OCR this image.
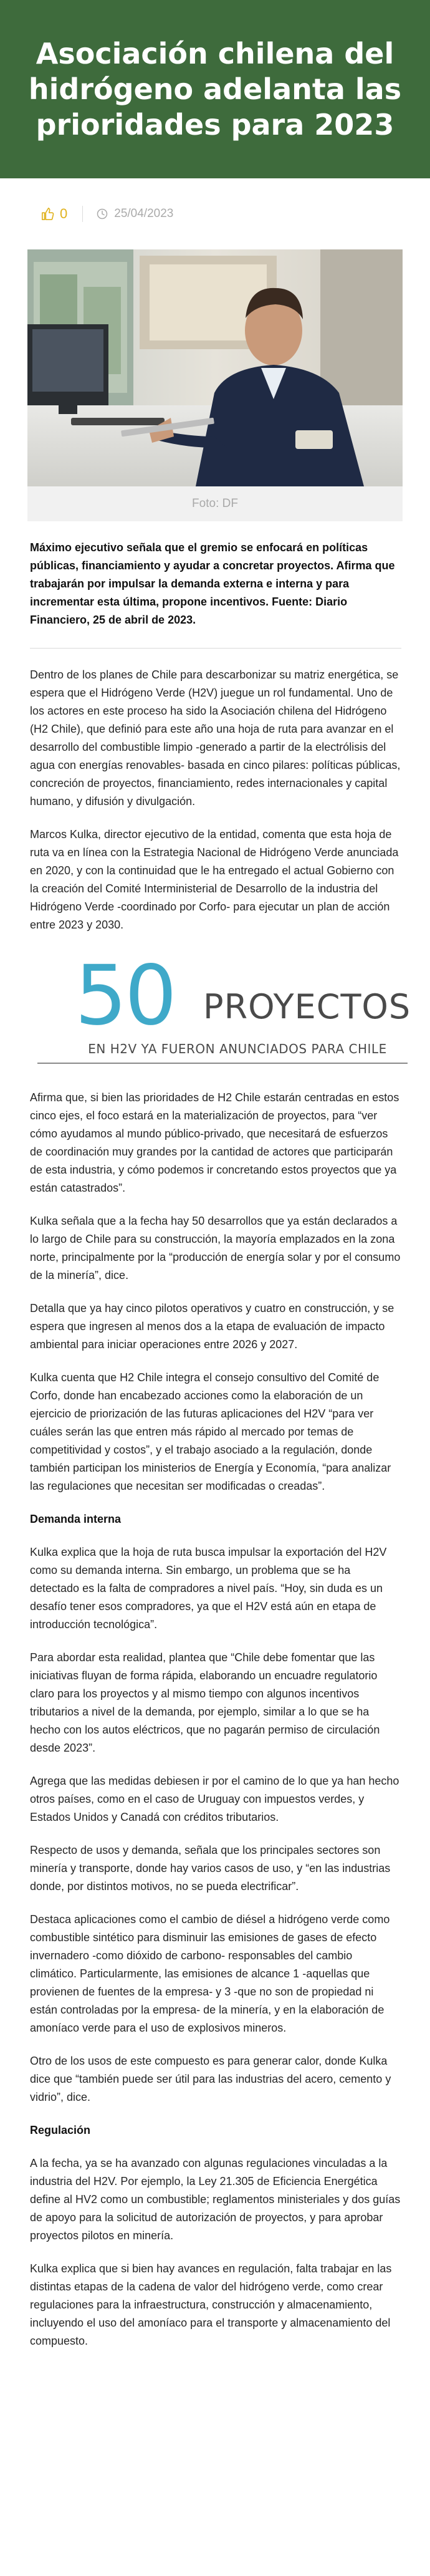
Asociación chilena del hidrógeno adelanta las prioridades para 2023
0	25/04/2023
Foto: DF

Máximo ejecutivo señala que el gremio se enfocará en políticas públicas, financiamiento y ayudar a concretar proyectos. Afirma que trabajarán por impulsar la demanda externa e interna y para incrementar esta última, propone incentivos. Fuente: Diario Financiero, 25 de abril de 2023.

Dentro de los planes de Chile para descarbonizar su matriz energética, se espera que el Hidrógeno Verde (H2V) juegue un rol fundamental. Uno de los actores en este proceso ha sido la Asociación chilena del Hidrógeno (H2 Chile), que definió para este año una hoja de ruta para avanzar en el desarrollo del combustible limpio -generado a partir de la electrólisis del agua con energías renovables- basada en cinco pilares: políticas públicas, concreción de proyectos, financiamiento, redes internacionales y capital humano, y difusión y divulgación.

Marcos Kulka, director ejecutivo de la entidad, comenta que esta hoja de ruta va en línea con la Estrategia Nacional de Hidrógeno Verde anunciada en 2020, y con la continuidad que le ha entregado el actual Gobierno con la creación del Comité Interministerial de Desarrollo de la industria del Hidrógeno Verde -coordinado por Corfo- para ejecutar un plan de acción entre 2023 y 2030.

50 PROYECTOS
EN H2V YA FUERON ANUNCIADOS PARA CHILE

Afirma que, si bien las prioridades de H2 Chile estarán centradas en estos cinco ejes, el foco estará en la materialización de proyectos, para “ver cómo ayudamos al mundo público-privado, que necesitará de esfuerzos de coordinación muy grandes por la cantidad de actores que participarán de esta industria, y cómo podemos ir concretando estos proyectos que ya están catastrados”.

Kulka señala que a la fecha hay 50 desarrollos que ya están declarados a lo largo de Chile para su construcción, la mayoría emplazados en la zona norte, principalmente por la “producción de energía solar y por el consumo de la minería”, dice.

Detalla que ya hay cinco pilotos operativos y cuatro en construcción, y se espera que ingresen al menos dos a la etapa de evaluación de impacto ambiental para iniciar operaciones entre 2026 y 2027.

Kulka cuenta que H2 Chile integra el consejo consultivo del Comité de Corfo, donde han encabezado acciones como la elaboración de un ejercicio de priorización de las futuras aplicaciones del H2V “para ver cuáles serán las que entren más rápido al mercado por temas de competitividad y costos”, y el trabajo asociado a la regulación, donde también participan los ministerios de Energía y Economía, “para analizar las regulaciones que necesitan ser modificadas o creadas”.

Demanda interna

Kulka explica que la hoja de ruta busca impulsar la exportación del H2V como su demanda interna. Sin embargo, un problema que se ha detectado es la falta de compradores a nivel país. “Hoy, sin duda es un desafío tener esos compradores, ya que el H2V está aún en etapa de introducción tecnológica”.

Para abordar esta realidad, plantea que “Chile debe fomentar que las iniciativas fluyan de forma rápida, elaborando un encuadre regulatorio claro para los proyectos y al mismo tiempo con algunos incentivos tributarios a nivel de la demanda, por ejemplo, similar a lo que se ha hecho con los autos eléctricos, que no pagarán permiso de circulación desde 2023”.

Agrega que las medidas debiesen ir por el camino de lo que ya han hecho otros países, como en el caso de Uruguay con impuestos verdes, y Estados Unidos y Canadá con créditos tributarios.

Respecto de usos y demanda, señala que los principales sectores son minería y transporte, donde hay varios casos de uso, y “en las industrias donde, por distintos motivos, no se pueda electrificar”.

Destaca aplicaciones como el cambio de diésel a hidrógeno verde como combustible sintético para disminuir las emisiones de gases de efecto invernadero -como dióxido de carbono- responsables del cambio climático. Particularmente, las emisiones de alcance 1 -aquellas que provienen de fuentes de la empresa- y 3 -que no son de propiedad ni están controladas por la empresa- de la minería, y en la elaboración de amoníaco verde para el uso de explosivos mineros.

Otro de los usos de este compuesto es para generar calor, donde Kulka dice que “también puede ser útil para las industrias del acero, cemento y vidrio”, dice.

Regulación

A la fecha, ya se ha avanzado con algunas regulaciones vinculadas a la industria del H2V. Por ejemplo, la Ley 21.305 de Eficiencia Energética define al HV2 como un combustible; reglamentos ministeriales y dos guías de apoyo para la solicitud de autorización de proyectos, y para aprobar proyectos pilotos en minería.

Kulka explica que si bien hay avances en regulación, falta trabajar en las distintas etapas de la cadena de valor del hidrógeno verde, como crear regulaciones para la infraestructura, construcción y almacenamiento, incluyendo el uso del amoníaco para el transporte y almacenamiento del compuesto.
